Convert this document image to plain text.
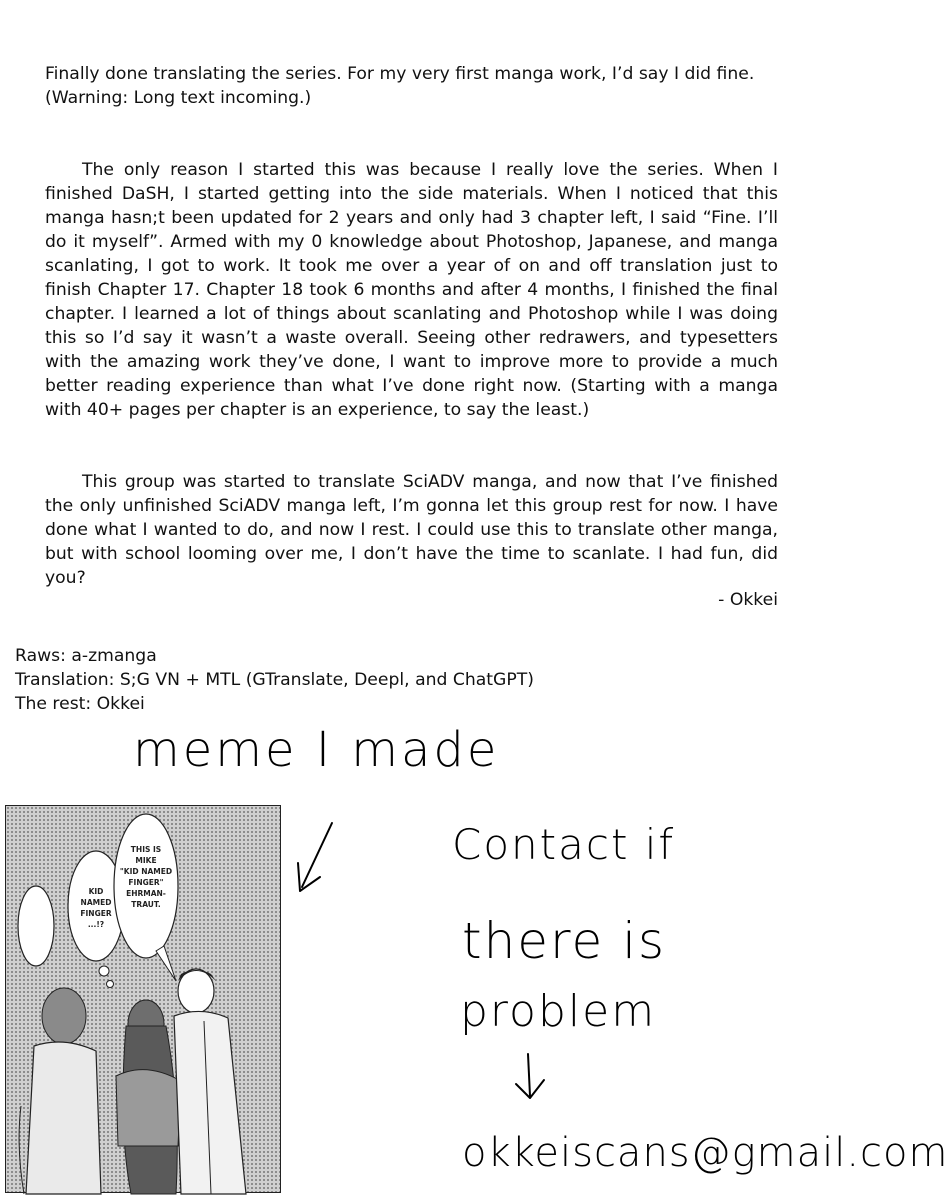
Finally done translating the series. For my very first manga work, I’d say I did fine.
(Warning: Long text incoming.)

The only reason I started this was because I really love the series. When I finished DaSH, I started getting into the side materials. When I noticed that this manga hasn;t been updated for 2 years and only had 3 chapter left, I said “Fine. I’ll do it myself”. Armed with my 0 knowledge about Photoshop, Japanese, and manga scanlating, I got to work. It took me over a year of on and off translation just to finish Chapter 17. Chapter 18 took 6 months and after 4 months, I finished the final chapter. I learned a lot of things about scanlating and Photoshop while I was doing this so I’d say it wasn’t a waste overall. Seeing other redrawers, and typesetters with the amazing work they’ve done, I want to improve more to provide a much better reading experience than what I’ve done right now. (Starting with a manga with 40+ pages per chapter is an experience, to say the least.)

This group was started to translate SciADV manga, and now that I’ve finished the only unfinished SciADV manga left, I’m gonna let this group rest for now. I have done what I wanted to do, and now I rest. I could use this to translate other manga, but with school looming over me, I don’t have the time to scanlate. I had fun, did you?

- Okkei
Raws: a-zmanga
Translation: S;G VN + MTL (GTranslate, Deepl, and ChatGPT)
The rest: Okkei
meme I made
Contact if
there is
problem
okkeiscans@gmail.com
KID
NAMED
FINGER
...!?
THIS IS
MIKE
"KID NAMED
FINGER"
EHRMAN-
TRAUT.
